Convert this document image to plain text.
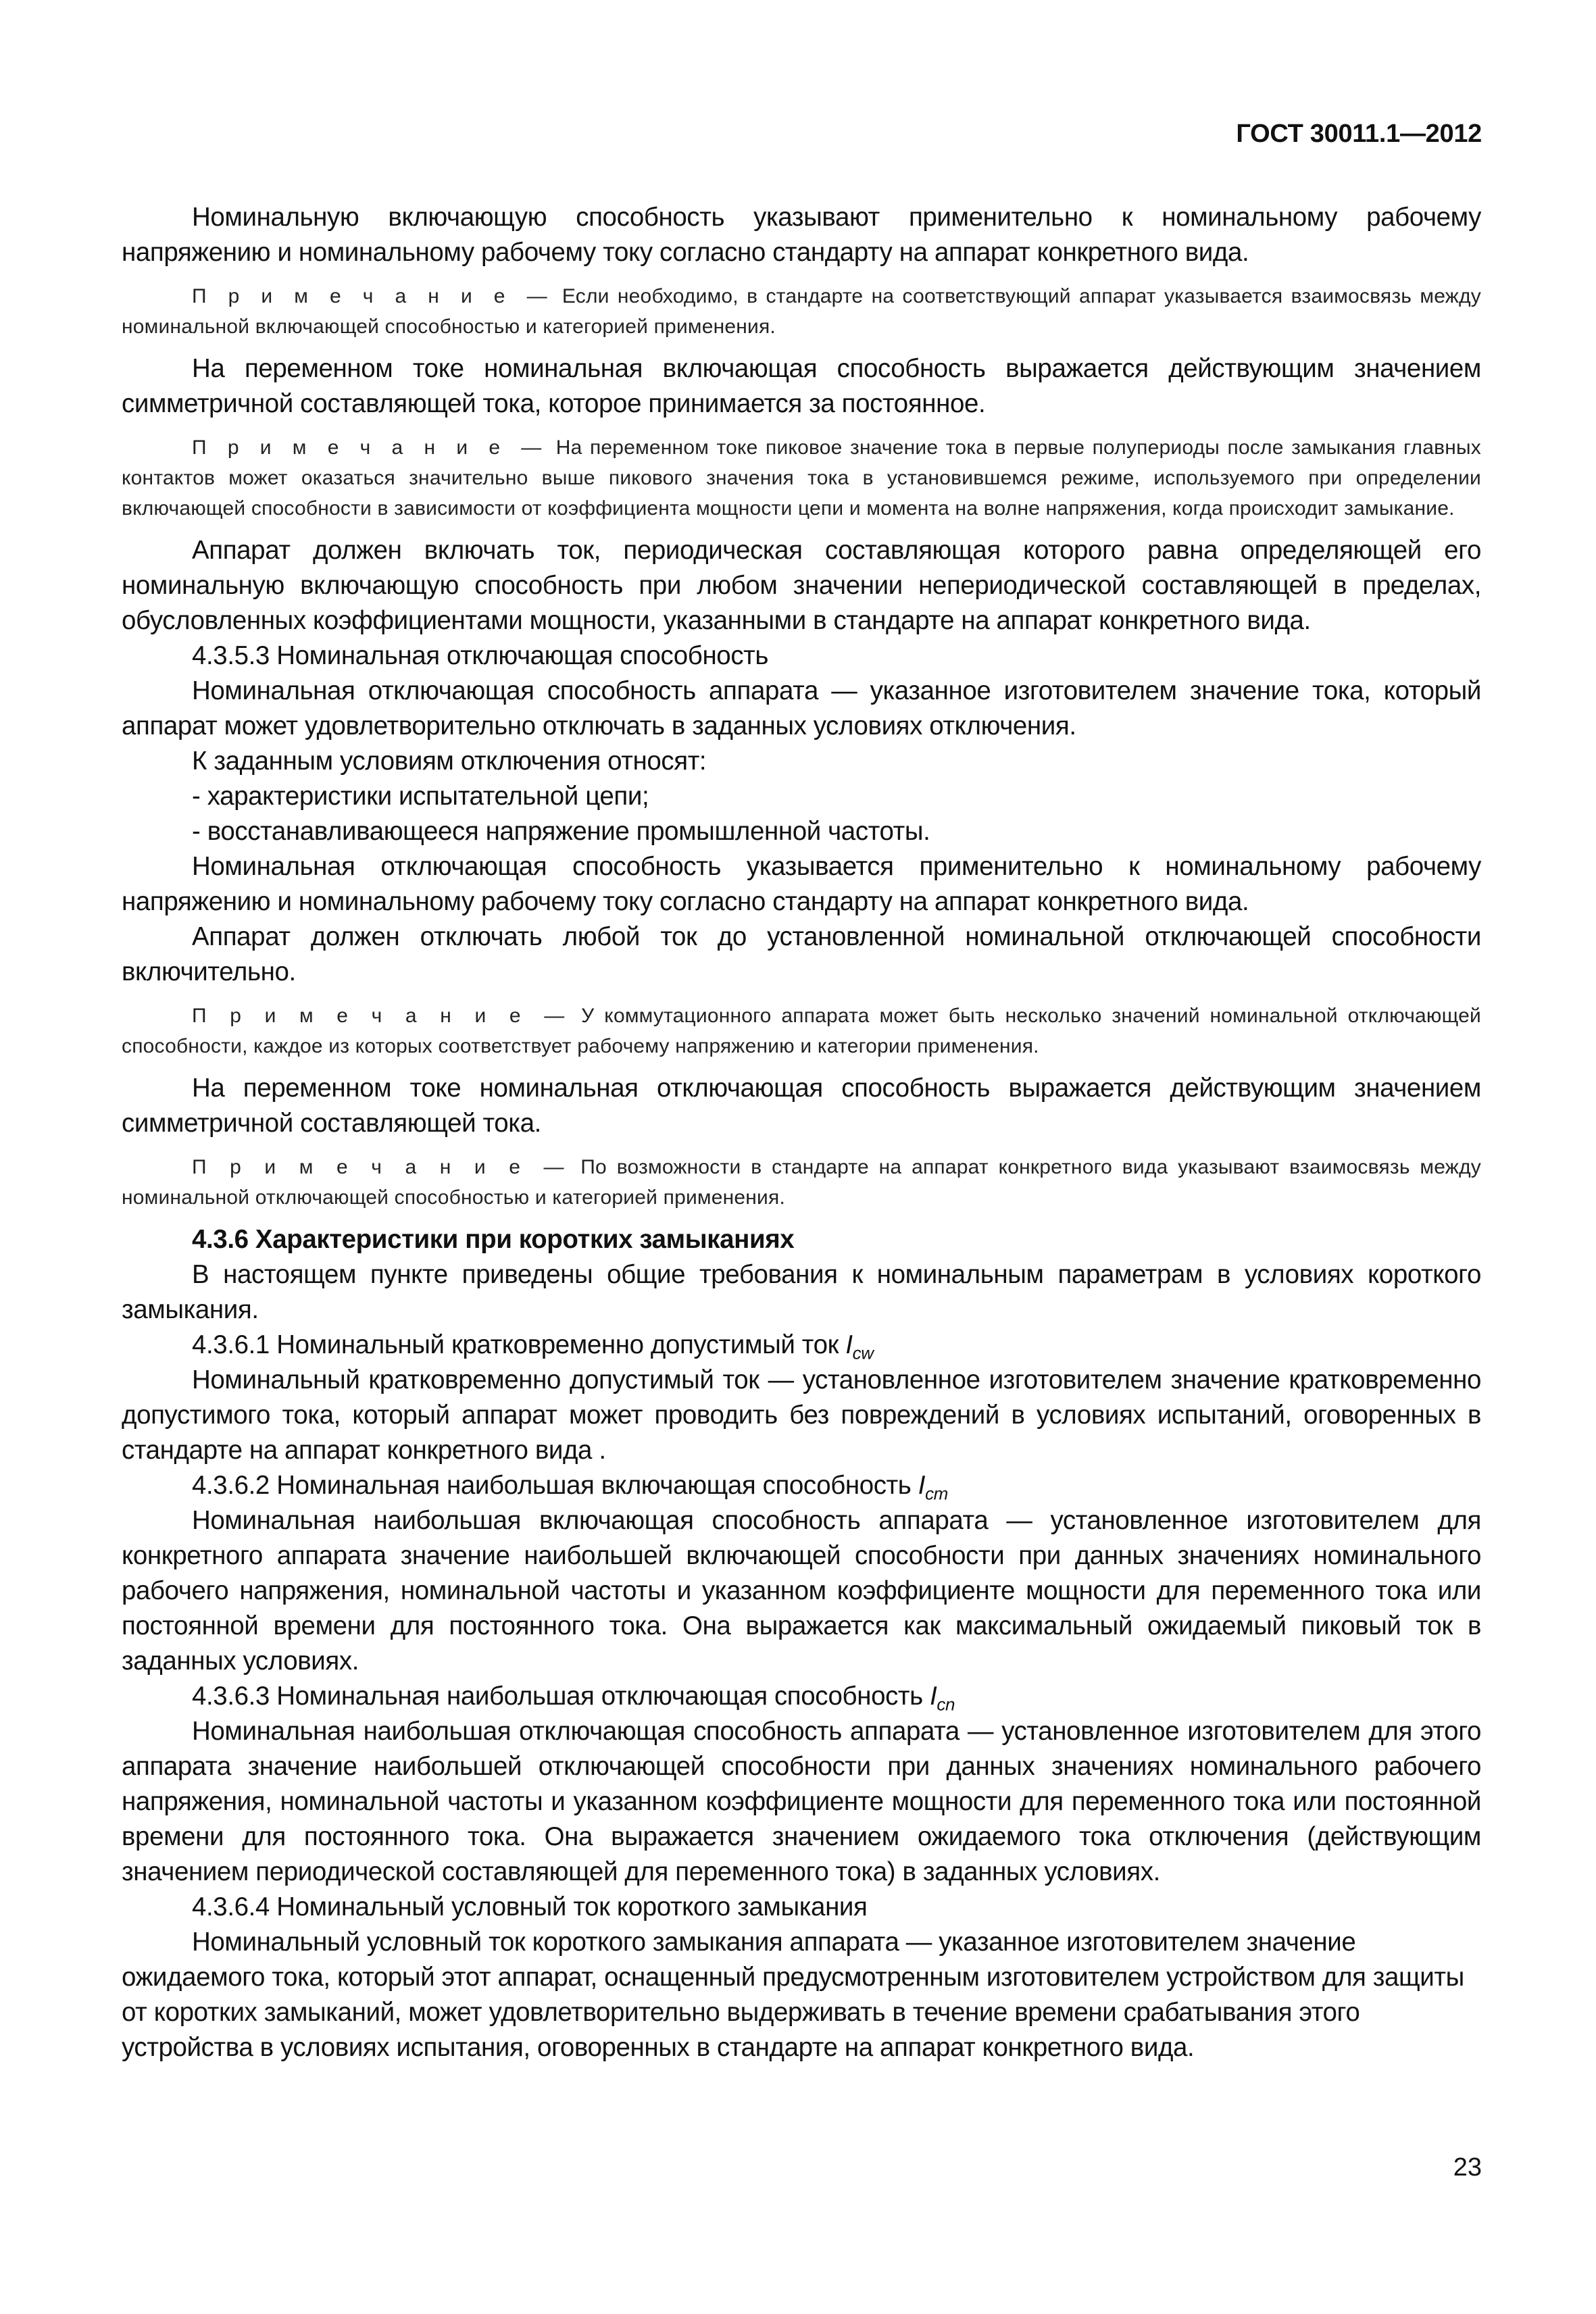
ГОСТ 30011.1—2012

Номинальную включающую способность указывают применительно к номинальному рабочему напряжению и номинальному рабочему току согласно стандарту на аппарат конкретного вида.

П р и м е ч а н и е — Если необходимо, в стандарте на соответствующий аппарат указывается взаимосвязь между номинальной включающей способностью и категорией применения.

На переменном токе номинальная включающая способность выражается действующим значением симметричной составляющей тока, которое принимается за постоянное.

П р и м е ч а н и е — На переменном токе пиковое значение тока в первые полупериоды после замыкания главных контактов может оказаться значительно выше пикового значения тока в установившемся режиме, используемого при определении включающей способности в зависимости от коэффициента мощности цепи и момента на волне напряжения, когда происходит замыкание.

Аппарат должен включать ток, периодическая составляющая которого равна определяющей его номинальную включающую способность при любом значении непериодической составляющей в пределах, обусловленных коэффициентами мощности, указанными в стандарте на аппарат конкретного вида.

4.3.5.3 Номинальная отключающая способность

Номинальная отключающая способность аппарата — указанное изготовителем значение тока, который аппарат может удовлетворительно отключать в заданных условиях отключения.

К заданным условиям отключения относят:

- характеристики испытательной цепи;

- восстанавливающееся напряжение промышленной частоты.

Номинальная отключающая способность указывается применительно к номинальному рабочему напряжению и номинальному рабочему току согласно стандарту на аппарат конкретного вида.

Аппарат должен отключать любой ток до установленной номинальной отключающей способности включительно.

П р и м е ч а н и е — У коммутационного аппарата может быть несколько значений номинальной отключающей способности, каждое из которых соответствует рабочему напряжению и категории применения.

На переменном токе номинальная отключающая способность выражается действующим значением симметричной составляющей тока.

П р и м е ч а н и е — По возможности в стандарте на аппарат конкретного вида указывают взаимосвязь между номинальной отключающей способностью и категорией применения.

4.3.6 Характеристики при коротких замыканиях

В настоящем пункте приведены общие требования к номинальным параметрам в условиях короткого замыкания.

4.3.6.1 Номинальный кратковременно допустимый ток $I_{cw}$

Номинальный кратковременно допустимый ток — установленное изготовителем значение кратковременно допустимого тока, который аппарат может проводить без повреждений в условиях испытаний, оговоренных в стандарте на аппарат конкретного вида .

4.3.6.2 Номинальная наибольшая включающая способность $I_{cm}$

Номинальная наибольшая включающая способность аппарата — установленное изготовителем для конкретного аппарата значение наибольшей включающей способности при данных значениях номинального рабочего напряжения, номинальной частоты и указанном коэффициенте мощности для переменного тока или постоянной времени для постоянного тока. Она выражается как максимальный ожидаемый пиковый ток в заданных условиях.

4.3.6.3 Номинальная наибольшая отключающая способность $I_{cn}$

Номинальная наибольшая отключающая способность аппарата — установленное изготовителем для этого аппарата значение наибольшей отключающей способности при данных значениях номинального рабочего напряжения, номинальной частоты и указанном коэффициенте мощности для переменного тока или постоянной времени для постоянного тока. Она выражается значением ожидаемого тока отключения (действующим значением периодической составляющей для переменного тока) в заданных условиях.

4.3.6.4 Номинальный условный ток короткого замыкания

Номинальный условный ток короткого замыкания аппарата — указанное изготовителем значение ожидаемого тока, который этот аппарат, оснащенный предусмотренным изготовителем устройством для защиты от коротких замыканий, может удовлетворительно выдерживать в течение времени срабатывания этого устройства в условиях испытания, оговоренных в стандарте на аппарат конкретного вида.

23
